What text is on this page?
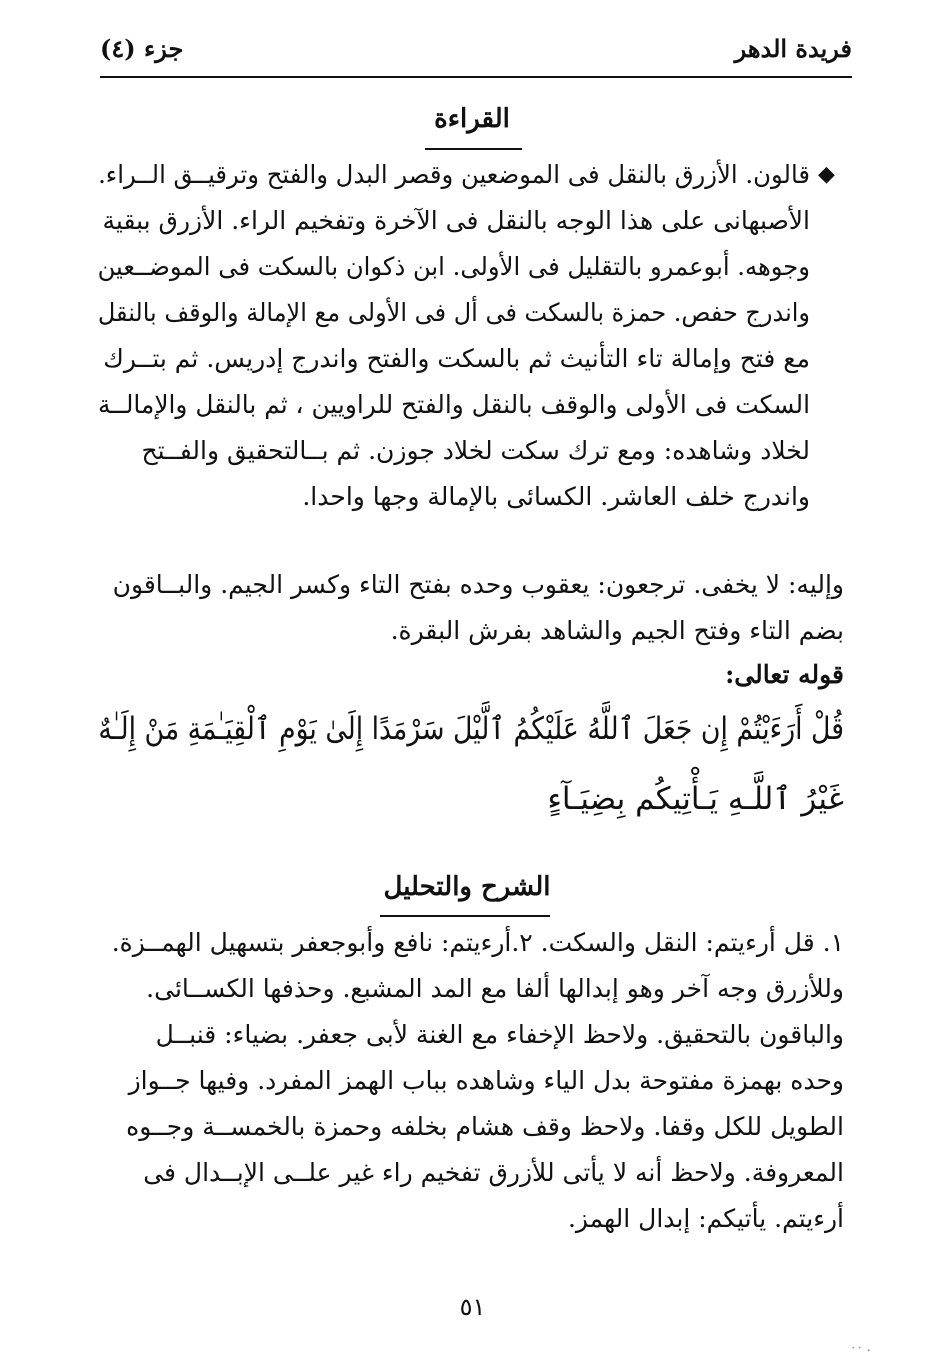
فريدة الدهر
جزء (٤)
القراءة
◆
قالون. الأزرق بالنقل فى الموضعين وقصر البدل والفتح وترقيــق الــراء.
الأصبهانى على هذا الوجه بالنقل فى الآخرة وتفخيم الراء. الأزرق ببقية
وجوهه. أبوعمرو بالتقليل فى الأولى. ابن ذكوان بالسكت فى الموضــعين
واندرج حفص. حمزة بالسكت فى أل فى الأولى مع الإمالة والوقف بالنقل
مع فتح وإمالة تاء التأنيث ثم بالسكت والفتح واندرج إدريس. ثم بتــرك
السكت فى الأولى والوقف بالنقل والفتح للراويين ، ثم بالنقل والإمالــة
لخلاد وشاهده: ومع ترك سكت لخلاد جوزن. ثم بــالتحقيق والفــتح
واندرج خلف العاشر. الكسائى بالإمالة وجها واحدا.
وإليه: لا يخفى. ترجعون: يعقوب وحده بفتح التاء وكسر الجيم. والبــاقون
بضم التاء وفتح الجيم والشاهد بفرش البقرة.
قوله تعالى:
قُلْ أَرَءَيْتُمْ إِن جَعَلَ ٱللَّهُ عَلَيْكُمُ ٱلَّيْلَ سَرْمَدًا إِلَىٰ يَوْمِ ٱلْقِيَـٰمَةِ مَنْ إِلَـٰهٌ
غَيْرُ ٱللَّـهِ يَـأْتِيكُم بِضِيَـآءٍ
الشرح والتحليل
١. قل أرءيتم: النقل والسكت. ٢.أرءيتم: نافع وأبوجعفر بتسهيل الهمــزة.
وللأزرق وجه آخر وهو إبدالها ألفا مع المد المشبع. وحذفها الكســائى.
والباقون بالتحقيق. ولاحظ الإخفاء مع الغنة لأبى جعفر. بضياء: قنبــل
وحده بهمزة مفتوحة بدل الياء وشاهده بباب الهمز المفرد. وفيها جــواز
الطويل للكل وقفا. ولاحظ وقف هشام بخلفه وحمزة بالخمســة وجــوه
المعروفة. ولاحظ أنه لا يأتى للأزرق تفخيم راء غير علــى الإبــدال فى
أرءيتم. يأتيكم: إبدال الهمز.
٥١
٠٠ .
